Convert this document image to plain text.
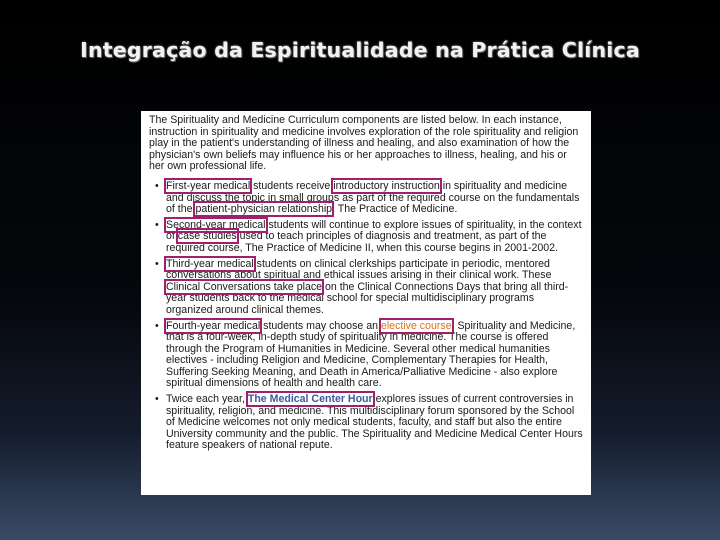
Integração da Espiritualidade na Prática Clínica

The Spirituality and Medicine Curriculum components are listed below. In each instance, instruction in spirituality and medicine involves exploration of the role spirituality and religion play in the patient's understanding of illness and healing, and also examination of how the physician's own beliefs may influence his or her approaches to illness, healing, and his or her own professional life.

• First-year medical students receive introductory instruction in spirituality and medicine and discuss the topic in small groups as part of the required course on the fundamentals of the patient-physician relationship, The Practice of Medicine.
• Second-year medical students will continue to explore issues of spirituality, in the context of case studies used to teach principles of diagnosis and treatment, as part of the required course, The Practice of Medicine II, when this course begins in 2001-2002.
• Third-year medical students on clinical clerkships participate in periodic, mentored conversations about spiritual and ethical issues arising in their clinical work. These Clinical Conversations take place on the Clinical Connections Days that bring all third-year students back to the medical school for special multidisciplinary programs organized around clinical themes.
• Fourth-year medical students may choose an elective course, Spirituality and Medicine, that is a four-week, in-depth study of spirituality in medicine. The course is offered through the Program of Humanities in Medicine. Several other medical humanities electives - including Religion and Medicine, Complementary Therapies for Health, Suffering Seeking Meaning, and Death in America/Palliative Medicine - also explore spiritual dimensions of health and health care.
• Twice each year, The Medical Center Hour explores issues of current controversies in spirituality, religion, and medicine. This multidisciplinary forum sponsored by the School of Medicine welcomes not only medical students, faculty, and staff but also the entire University community and the public. The Spirituality and Medicine Medical Center Hours feature speakers of national repute.
